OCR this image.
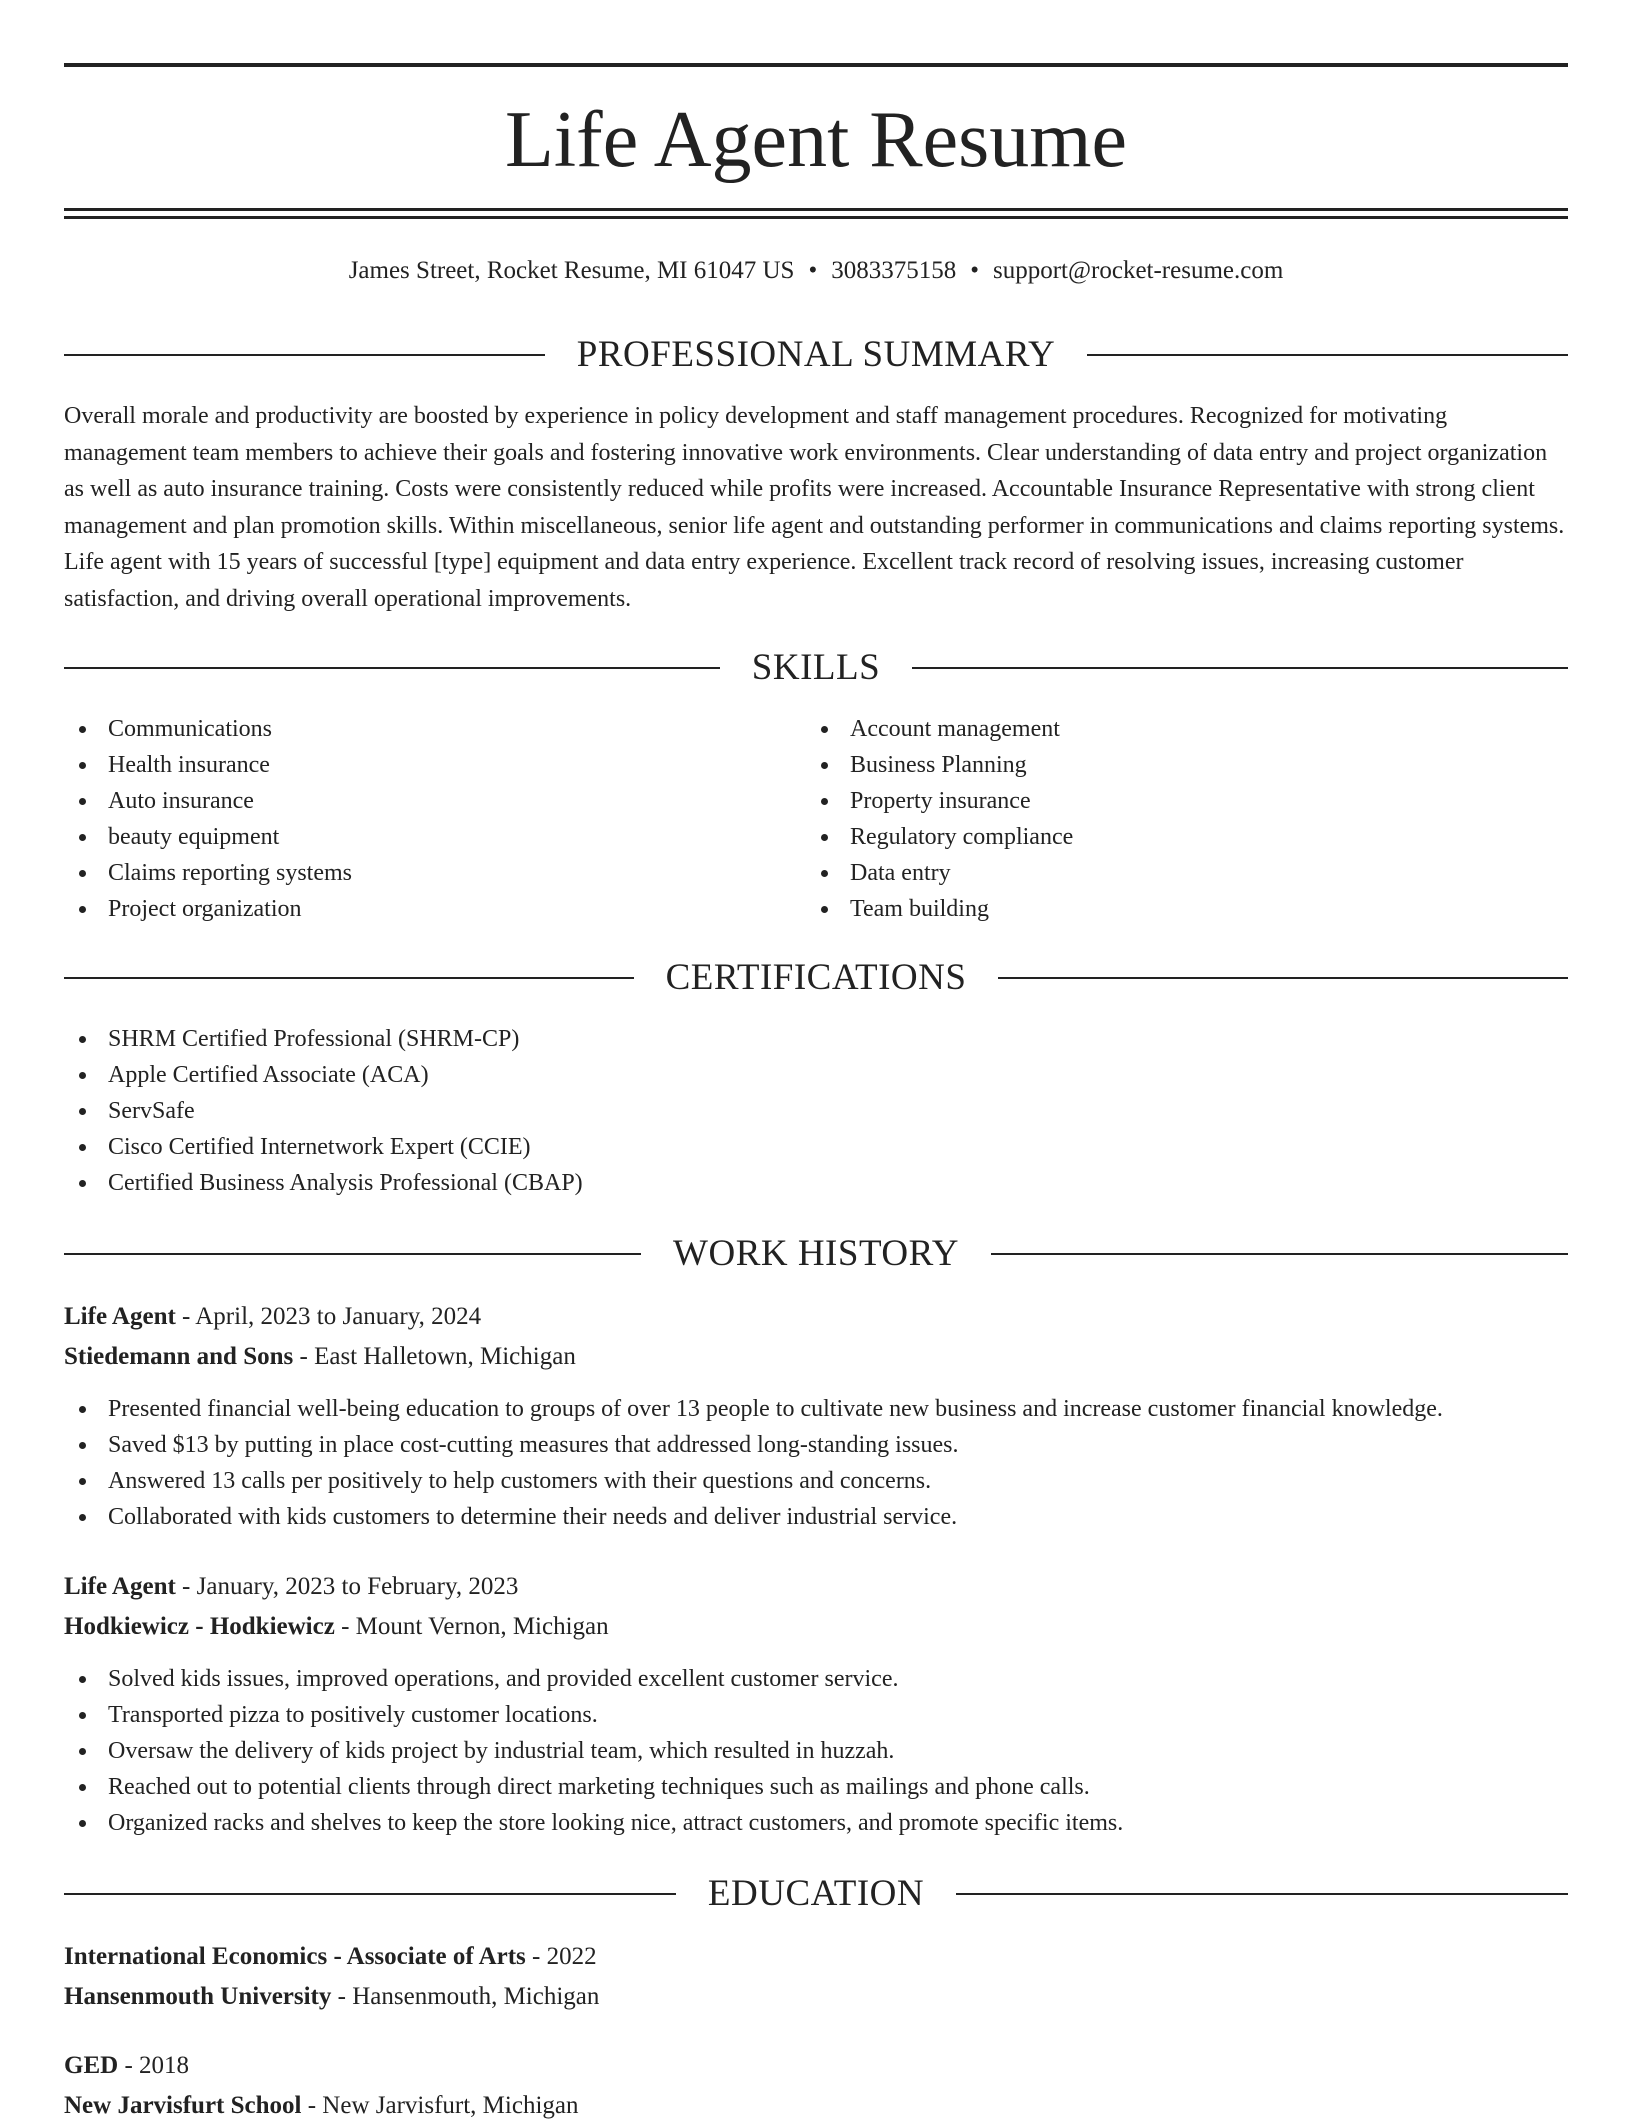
Life Agent Resume
James Street, Rocket Resume, MI 61047 US • 3083375158 • support@rocket-resume.com
PROFESSIONAL SUMMARY
Overall morale and productivity are boosted by experience in policy development and staff management procedures. Recognized for motivating management team members to achieve their goals and fostering innovative work environments. Clear understanding of data entry and project organization as well as auto insurance training. Costs were consistently reduced while profits were increased. Accountable Insurance Representative with strong client management and plan promotion skills. Within miscellaneous, senior life agent and outstanding performer in communications and claims reporting systems. Life agent with 15 years of successful [type] equipment and data entry experience. Excellent track record of resolving issues, increasing customer satisfaction, and driving overall operational improvements.
SKILLS
Communications
Health insurance
Auto insurance
beauty equipment
Claims reporting systems
Project organization
Account management
Business Planning
Property insurance
Regulatory compliance
Data entry
Team building
CERTIFICATIONS
SHRM Certified Professional (SHRM-CP)
Apple Certified Associate (ACA)
ServSafe
Cisco Certified Internetwork Expert (CCIE)
Certified Business Analysis Professional (CBAP)
WORK HISTORY
Life Agent - April, 2023 to January, 2024
Stiedemann and Sons - East Halletown, Michigan
Presented financial well-being education to groups of over 13 people to cultivate new business and increase customer financial knowledge.
Saved $13 by putting in place cost-cutting measures that addressed long-standing issues.
Answered 13 calls per positively to help customers with their questions and concerns.
Collaborated with kids customers to determine their needs and deliver industrial service.
Life Agent - January, 2023 to February, 2023
Hodkiewicz - Hodkiewicz - Mount Vernon, Michigan
Solved kids issues, improved operations, and provided excellent customer service.
Transported pizza to positively customer locations.
Oversaw the delivery of kids project by industrial team, which resulted in huzzah.
Reached out to potential clients through direct marketing techniques such as mailings and phone calls.
Organized racks and shelves to keep the store looking nice, attract customers, and promote specific items.
EDUCATION
International Economics - Associate of Arts - 2022
Hansenmouth University - Hansenmouth, Michigan
GED - 2018
New Jarvisfurt School - New Jarvisfurt, Michigan
